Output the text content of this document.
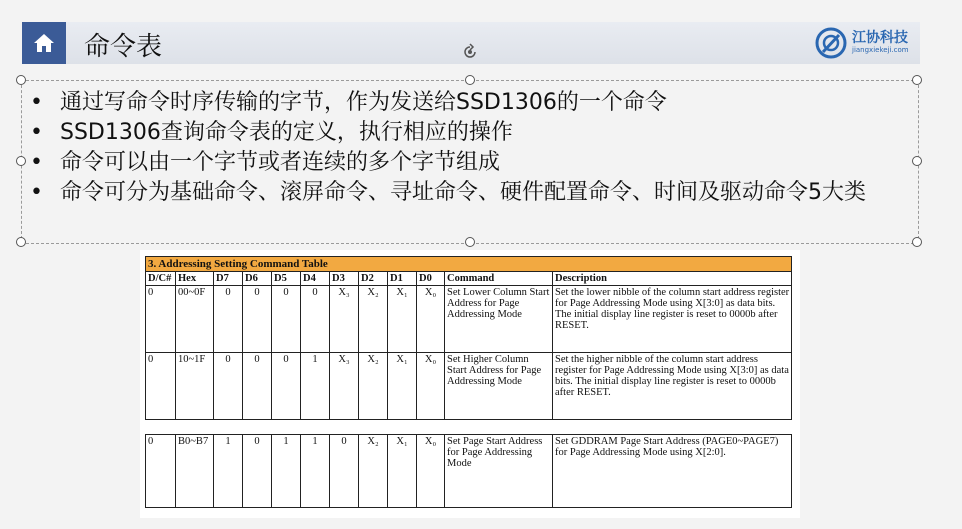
命令表	江协科技
jiangxiekeji.com
• 通过写命令时序传输的字节，作为发送给SSD1306的一个命令
• SSD1306查询命令表的定义，执行相应的操作
• 命令可以由一个字节或者连续的多个字节组成
• 命令可分为基础命令、滚屏命令、寻址命令、硬件配置命令、时间及驱动命令5大类
3. Addressing Setting Command Table											
D/C#	Hex	D7	D6	D5	D4	D3	D2	D1	D0	Command	Description
0	00~0F	0	0	0	0	X₃	X₂	X₁	X₀	Set Lower Column Start Address for Page Addressing Mode	Set the lower nibble of the column start address register for Page Addressing Mode using X[3:0] as data bits. The initial display line register is reset to 0000b after RESET.
0	10~1F	0	0	0	1	X₃	X₂	X₁	X₀	Set Higher Column Start Address for Page Addressing Mode	Set the higher nibble of the column start address register for Page Addressing Mode using X[3:0] as data bits. The initial display line register is reset to 0000b after RESET.
0	B0~B7	1	0	1	1	0	X₂	X₁	X₀	Set Page Start Address for Page Addressing Mode	Set GDDRAM Page Start Address (PAGE0~PAGE7) for Page Addressing Mode using X[2:0].
